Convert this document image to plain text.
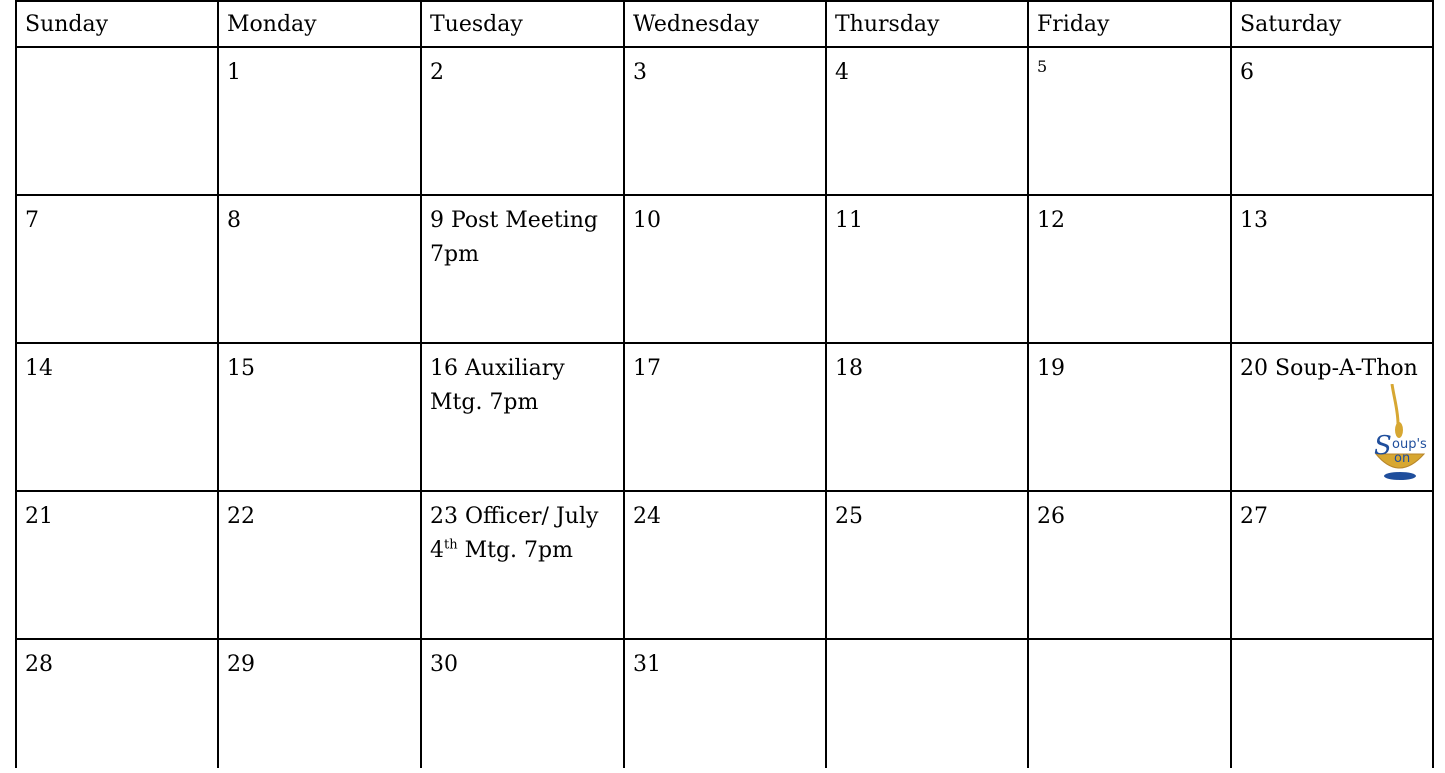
Sunday	Monday	Tuesday	Wednesday	Thursday	Friday	Saturday
	1	2	3	4	$^5$	6
7	8	9 Post Meeting 7pm	10	11	12	13
14	15	16 Auxiliary Mtg. 7pm	17	18	19	20 Soup-A-Thon
S oup's
on

21	22	23 Officer/ July 4th Mtg. 7pm	24	25	26	27
28	29	30	31			
